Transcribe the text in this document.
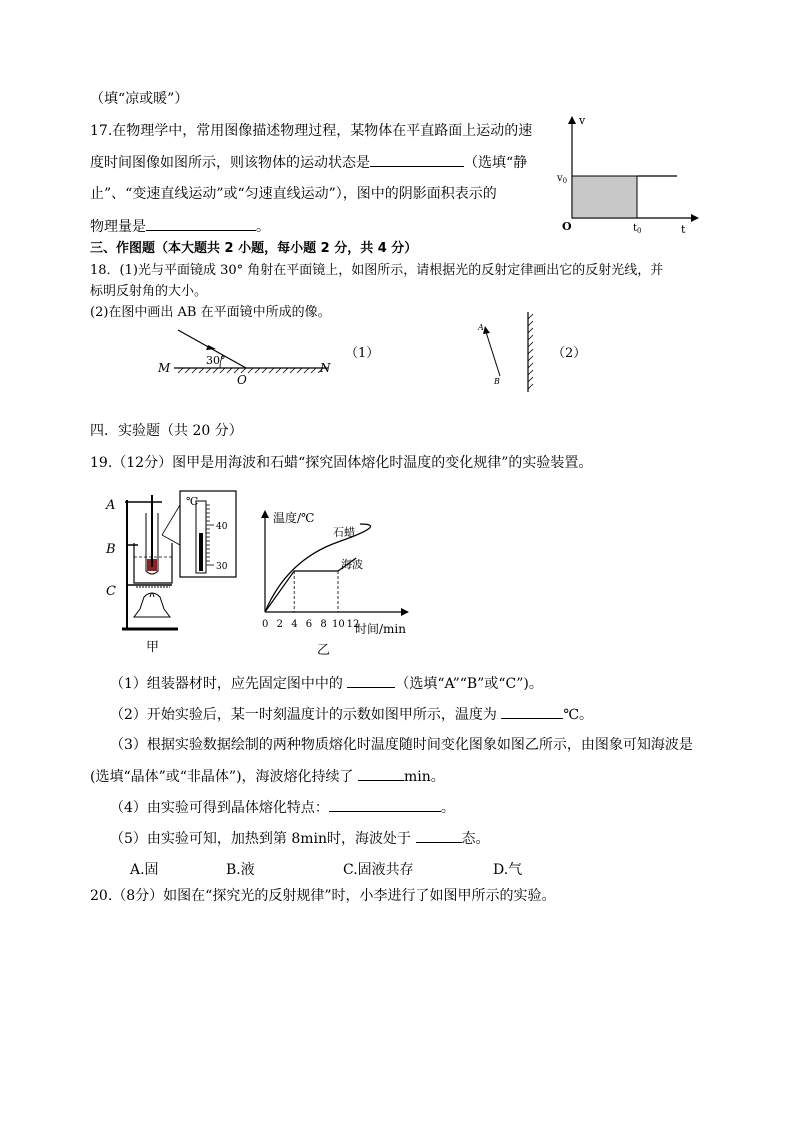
（填“凉或暖”）
17.在物理学中，常用图像描述物理过程，某物体在平直路面上运动的速
度时间图像如图所示，则该物体的运动状态是	（选填“静
止”、“变速直线运动”或“匀速直线运动”），图中的阴影面积表示的
物理量是	。
v
$v_0$
O	$t_0$	t
三、作图题（本大题共 2 小题，每小题 2 分，共 4 分）
18．(1)光与平面镜成 30° 角射在平面镜上，如图所示，请根据光的反射定律画出它的反射光线，并
标明反射角的大小。
(2)在图中画出 AB 在平面镜中所成的像。
30°
M
O
N
（1）
A
B
（2）
四．实验题（共 20 分）
19.（12分）图甲是用海波和石蜡“探究固体熔化时温度的变化规律”的实验装置。
A
B
C
℃
40
30
甲
温度/℃
石蜡
海波
0 2 4 6 8 10 12
时间/min
乙
（1）组装器材时，应先固定图中中的	（选填“A”“B”或“C”)。
（2）开始实验后，某一时刻温度计的示数如图甲所示，温度为	℃。
（3）根据实验数据绘制的两种物质熔化时温度随时间变化图象如图乙所示，由图象可知海波是
(选填“晶体”或“非晶体”)，海波熔化持续了	min。
（4）由实验可得到晶体熔化特点：	。
（5）由实验可知，加热到第 8min时，海波处于	态。
A.固	B.液	C.固液共存	D.气
20.（8分）如图在“探究光的反射规律”时，小李进行了如图甲所示的实验。
